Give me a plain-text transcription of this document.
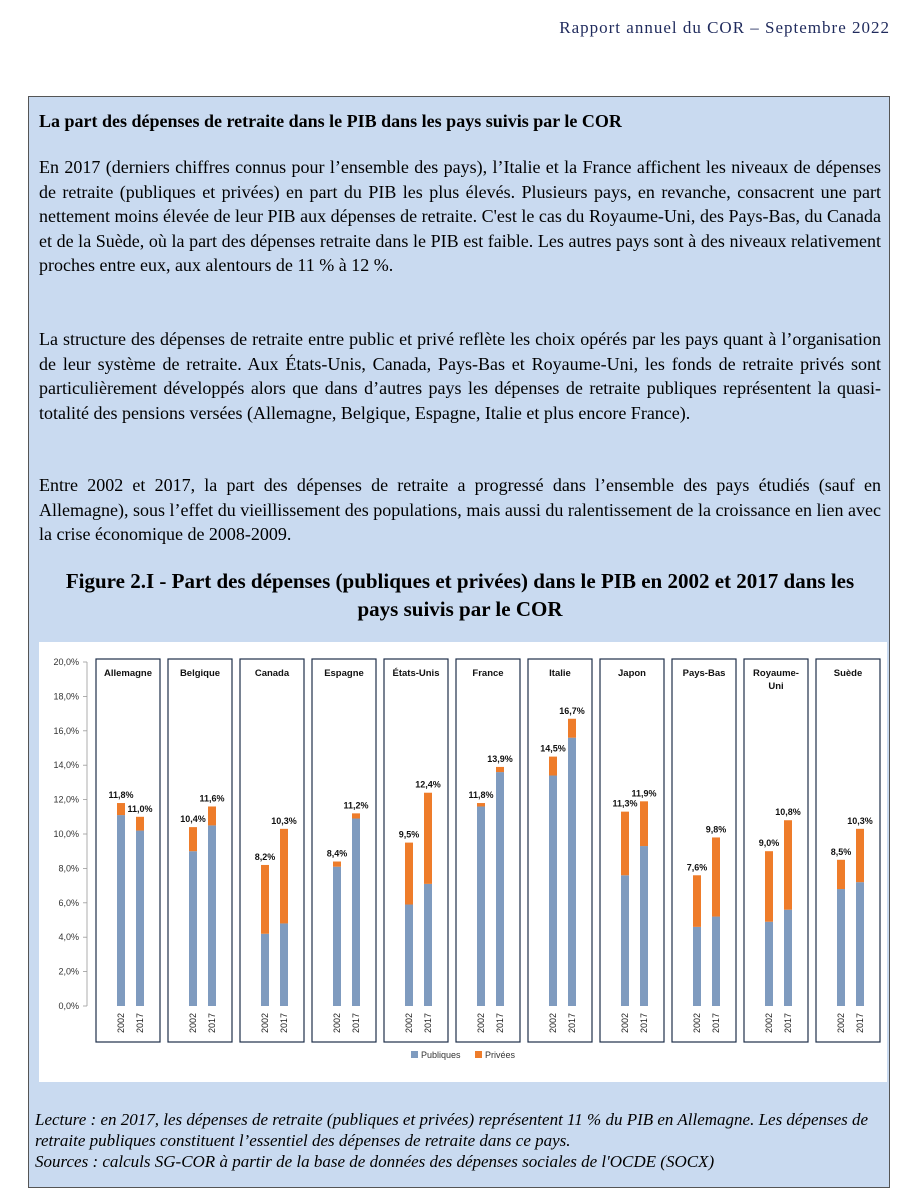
Rapport annuel du COR – Septembre 2022
La part des dépenses de retraite dans le PIB dans les pays suivis par le COR

En 2017 (derniers chiffres connus pour l’ensemble des pays), l’Italie et la France affichent les niveaux de dépenses de retraite (publiques et privées) en part du PIB les plus élevés. Plusieurs pays, en revanche, consacrent une part nettement moins élevée de leur PIB aux dépenses de retraite. C'est le cas du Royaume-Uni, des Pays-Bas, du Canada et de la Suède, où la part des dépenses retraite dans le PIB est faible. Les autres pays sont à des niveaux relativement proches entre eux, aux alentours de 11 % à 12 %.

La structure des dépenses de retraite entre public et privé reflète les choix opérés par les pays quant à l’organisation de leur système de retraite. Aux États-Unis, Canada, Pays-Bas et Royaume-Uni, les fonds de retraite privés sont particulièrement développés alors que dans d’autres pays les dépenses de retraite publiques représentent la quasi-totalité des pensions versées (Allemagne, Belgique, Espagne, Italie et plus encore France).

Entre 2002 et 2017, la part des dépenses de retraite a progressé dans l’ensemble des pays étudiés (sauf en Allemagne), sous l’effet du vieillissement des populations, mais aussi du ralentissement de la croissance en lien avec la crise économique de 2008-2009.

Figure 2.I - Part des dépenses (publiques et privées) dans le PIB en 2002 et 2017 dans les pays suivis par le COR
0,0%
2,0%
4,0%
6,0%
8,0%
10,0%
12,0%
14,0%
16,0%
18,0%
20,0%
Allemagne
11,8%
2002
11,0%
2017
Belgique
10,4%
2002
11,6%
2017
Canada
8,2%
2002
10,3%
2017
Espagne
8,4%
2002
11,2%
2017
États-Unis
9,5%
2002
12,4%
2017
France
11,8%
2002
13,9%
2017
Italie
14,5%
2002
16,7%
2017
Japon
11,3%
2002
11,9%
2017
Pays-Bas
7,6%
2002
9,8%
2017
Royaume-
Uni
9,0%
2002
10,8%
2017
Suède
8,5%
2002
10,3%
2017
Publiques	Privées
Lecture : en 2017, les dépenses de retraite (publiques et privées) représentent 11 % du PIB en Allemagne. Les dépenses de retraite publiques constituent l’essentiel des dépenses de retraite dans ce pays.
Sources : calculs SG-COR à partir de la base de données des dépenses sociales de l'OCDE (SOCX)
